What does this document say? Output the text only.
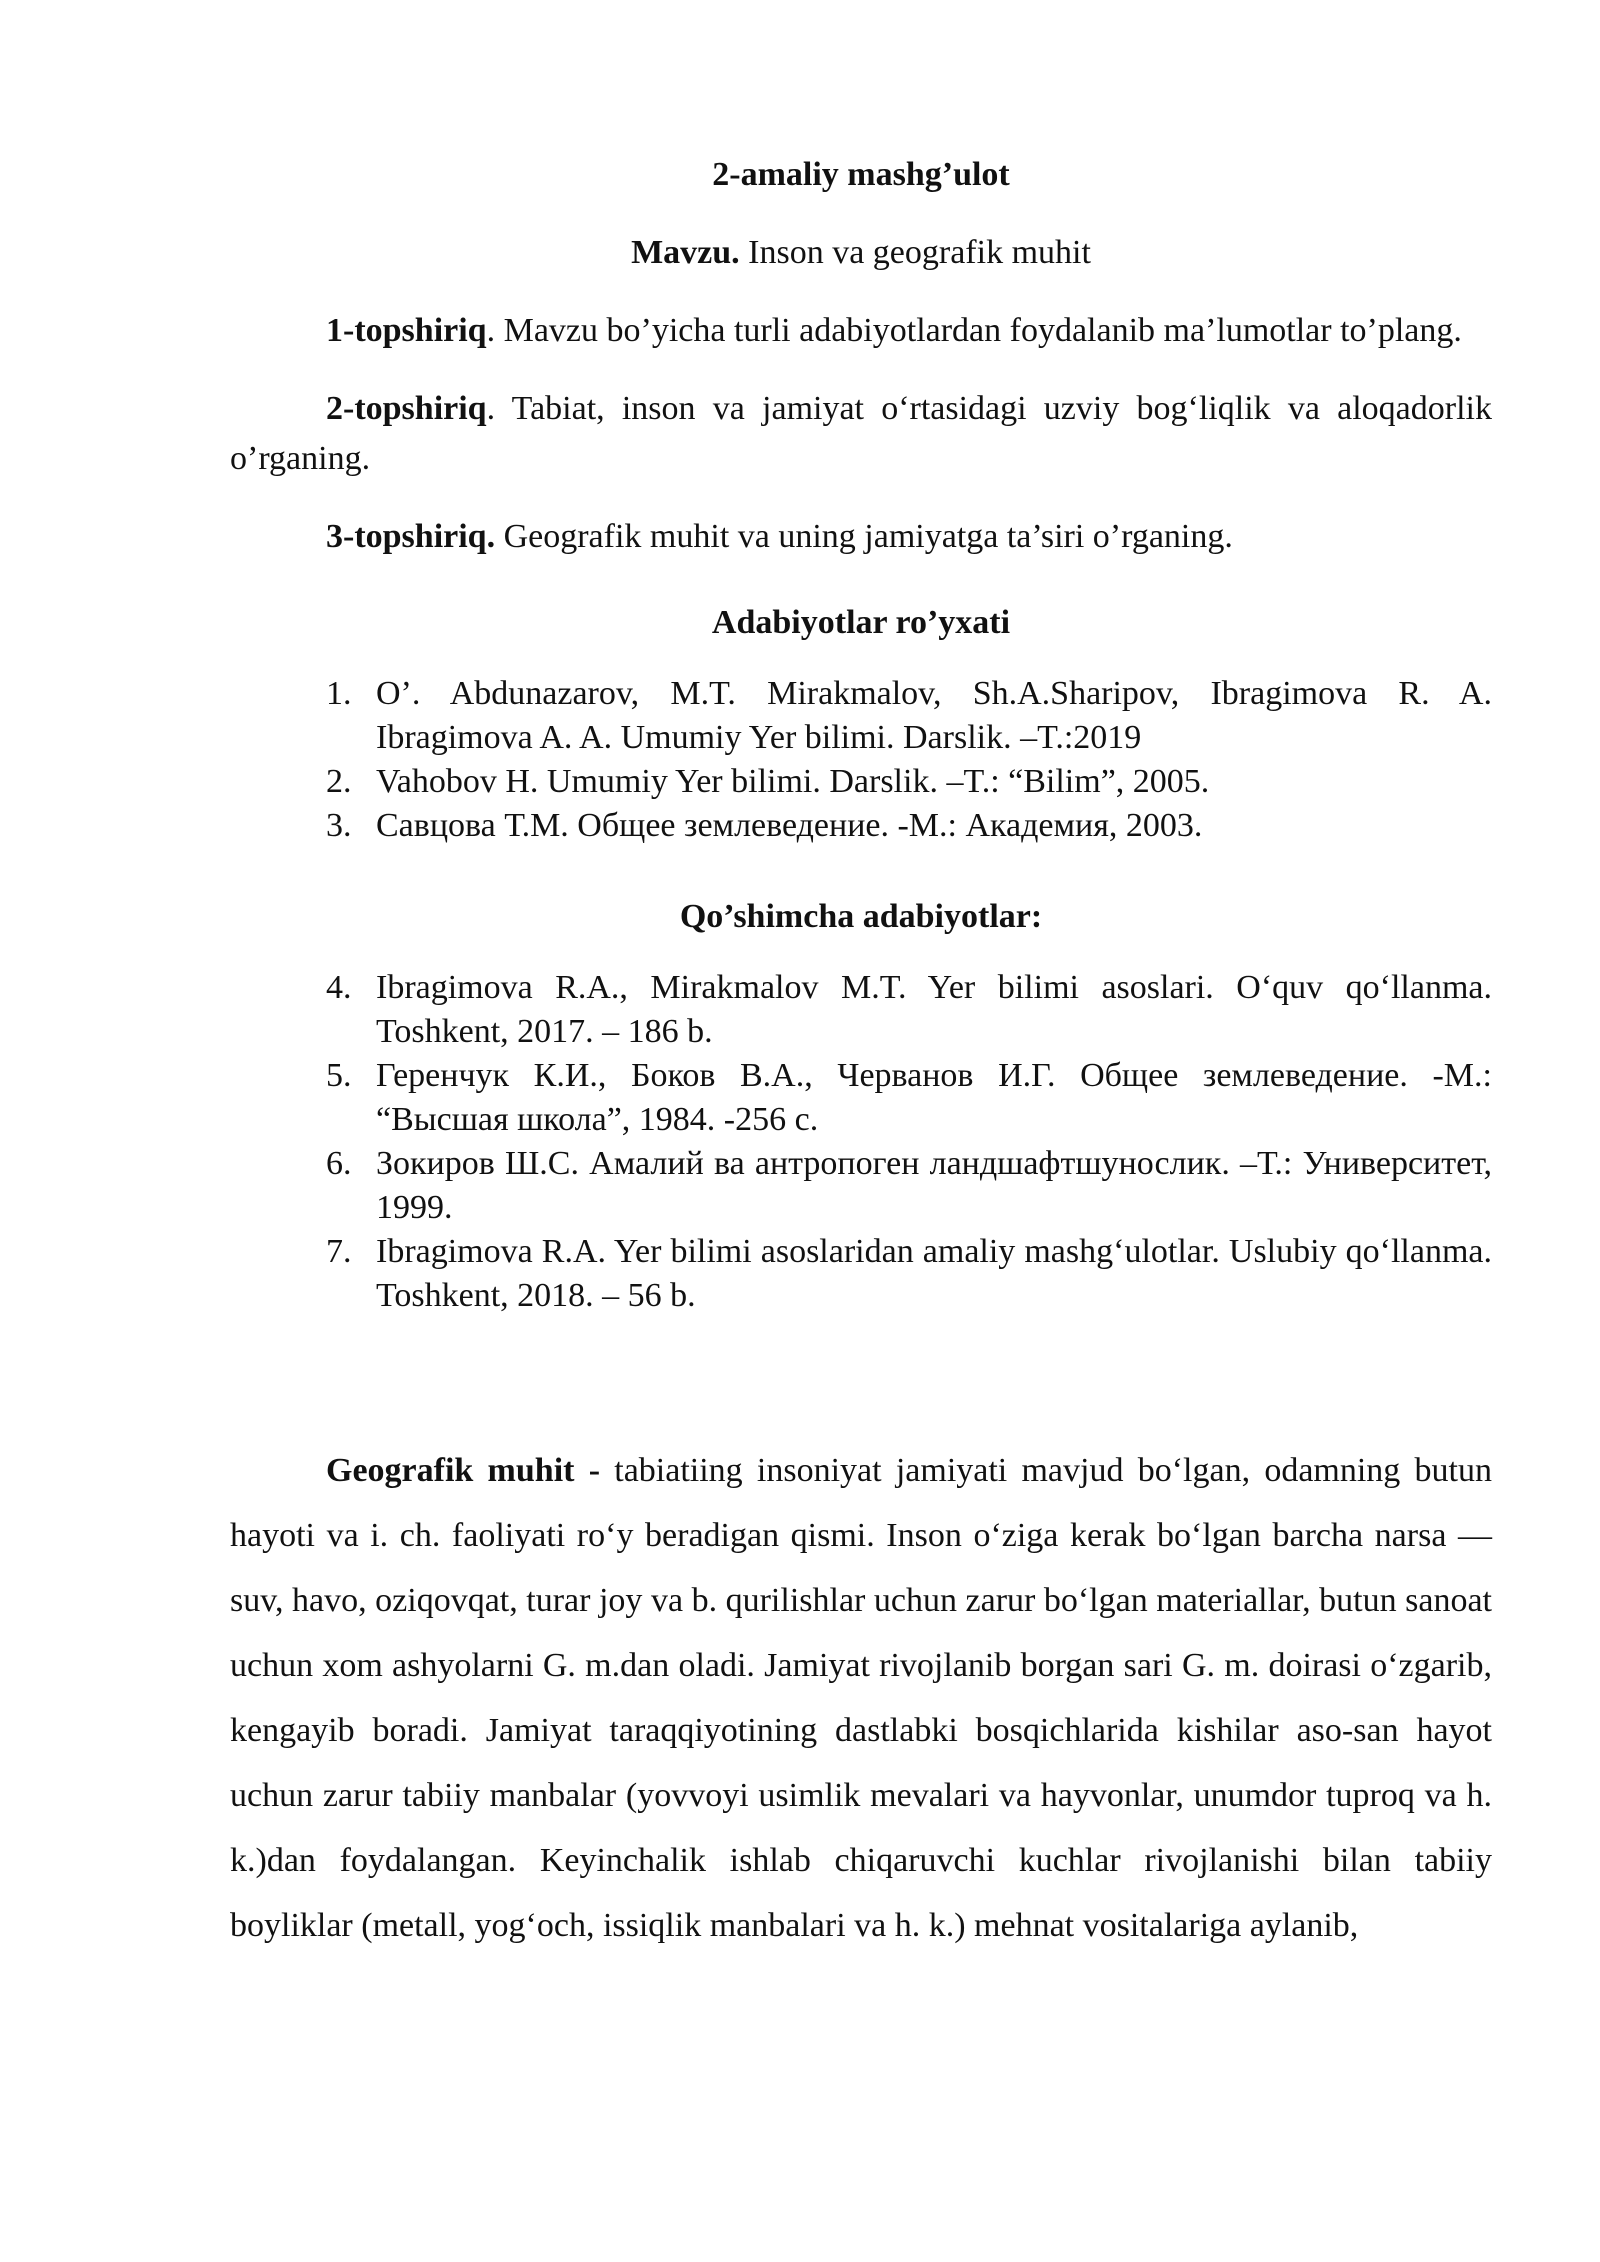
2-amaliy mashg’ulot

Mavzu. Inson va geografik muhit

1-topshiriq. Mavzu bo’yicha turli adabiyotlardan foydalanib ma’lumotlar to’plang.

2-topshiriq. Tabiat, inson va jamiyat o‘rtasidagi uzviy bog‘liqlik va aloqadorlik o’rganing.

3-topshiriq. Geografik muhit va uning jamiyatga ta’siri o’rganing.

Adabiyotlar ro’yxati

1. O’. Abdunazarov, M.T. Mirakmalov, Sh.A.Sharipov, Ibragimova R. A. Ibragimova A. A. Umumiy Yer bilimi. Darslik. –T.:2019
2. Vahobov H. Umumiy Yer bilimi. Darslik. –T.: “Bilim”, 2005.
3. Савцова Т.М. Общее землеведение. -М.: Академия, 2003.

Qo’shimcha adabiyotlar:

4. Ibragimova R.A., Mirakmalov M.T. Yer bilimi asoslari. O‘quv qo‘llanma. Toshkent, 2017. – 186 b.
5. Геренчук К.И., Боков В.А., Черванов И.Г. Общее землеведение. -М.: “Высшая школа”, 1984. -256 с.
6. Зокиров Ш.С. Амалий ва антропоген ландшафтшунослик. –Т.: Университет, 1999.
7. Ibragimova R.A. Yer bilimi asoslaridan amaliy mashg‘ulotlar. Uslubiy qo‘llanma. Toshkent, 2018. – 56 b.

Geografik muhit - tabiatiing insoniyat jamiyati mavjud bo‘lgan, odamning butun hayoti va i. ch. faoliyati ro‘y beradigan qismi. Inson o‘ziga kerak bo‘lgan barcha narsa — suv, havo, oziqovqat, turar joy va b. qurilishlar uchun zarur bo‘lgan materiallar, butun sanoat uchun xom ashyolarni G. m.dan oladi. Jamiyat rivojlanib borgan sari G. m. doirasi o‘zgarib, kengayib boradi. Jamiyat taraqqiyotining dastlabki bosqichlarida kishilar aso-san hayot uchun zarur tabiiy manbalar (yovvoyi usimlik mevalari va hayvonlar, unumdor tuproq va h. k.)dan foydalangan. Keyinchalik ishlab chiqaruvchi kuchlar rivojlanishi bilan tabiiy boyliklar (metall, yog‘och, issiqlik manbalari va h. k.) mehnat vositalariga aylanib,
